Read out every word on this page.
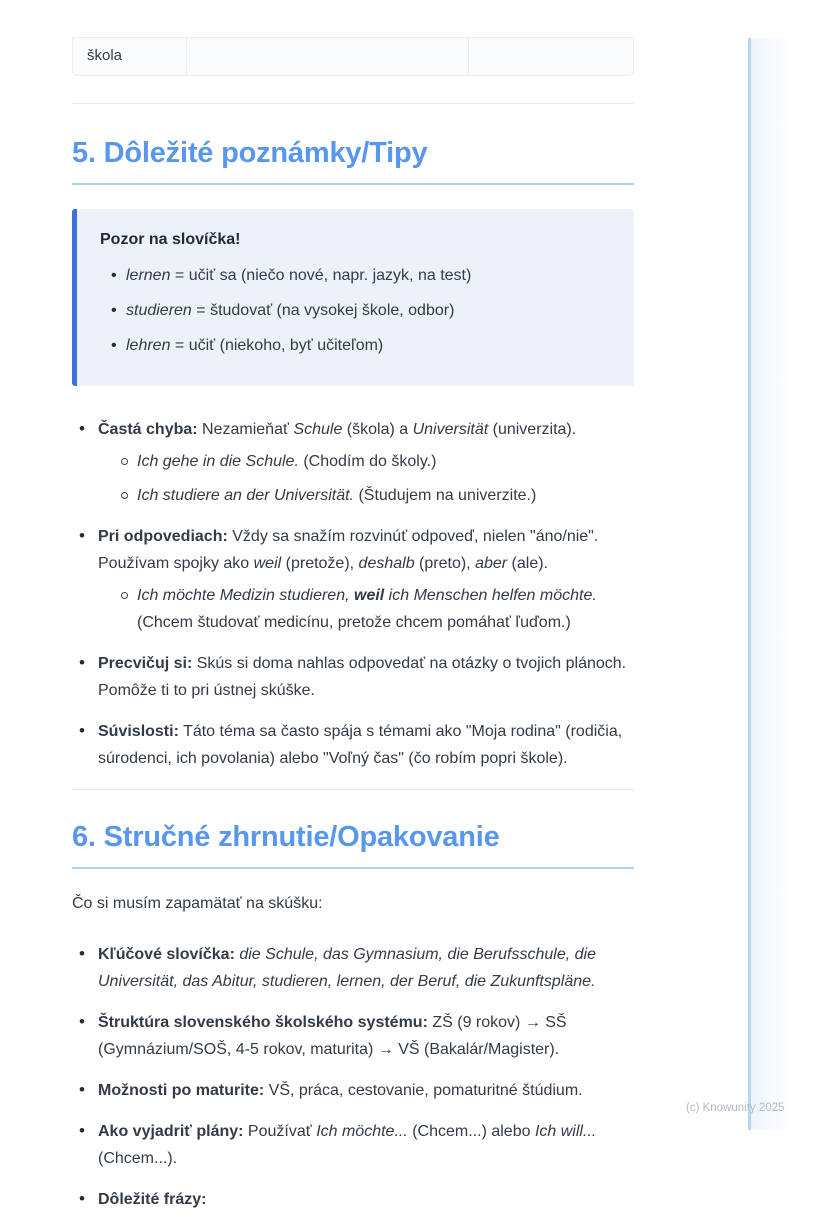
škola
5. Dôležité poznámky/Tipy
Pozor na slovíčka!
• lernen = učiť sa (niečo nové, napr. jazyk, na test)
• studieren = študovať (na vysokej škole, odbor)
• lehren = učiť (niekoho, byť učiteľom)
• Častá chyba: Nezamieňať Schule (škola) a Universität (univerzita).
Ich gehe in die Schule. (Chodím do školy.)
Ich studiere an der Universität. (Študujem na univerzite.)
• Pri odpovediach: Vždy sa snažím rozvinúť odpoveď, nielen "áno/nie". Používam spojky ako weil (pretože), deshalb (preto), aber (ale).
Ich möchte Medizin studieren, weil ich Menschen helfen möchte. (Chcem študovať medicínu, pretože chcem pomáhať ľuďom.)
• Precvičuj si: Skús si doma nahlas odpovedať na otázky o tvojich plánoch. Pomôže ti to pri ústnej skúške.
• Súvislosti: Táto téma sa často spája s témami ako "Moja rodina" (rodičia, súrodenci, ich povolania) alebo "Voľný čas" (čo robím popri škole).
6. Stručné zhrnutie/Opakovanie

Čo si musím zapamätať na skúšku:

• Kľúčové slovíčka: die Schule, das Gymnasium, die Berufsschule, die Universität, das Abitur, studieren, lernen, der Beruf, die Zukunftspläne.
• Štruktúra slovenského školského systému: ZŠ (9 rokov) → SŠ (Gymnázium/SOŠ, 4-5 rokov, maturita) → VŠ (Bakalár/Magister).
• Možnosti po maturite: VŠ, práca, cestovanie, pomaturitné štúdium.
• Ako vyjadriť plány: Používať Ich möchte... (Chcem...) alebo Ich will... (Chcem...).
• Dôležité frázy:
(c) Knowunity 2025
